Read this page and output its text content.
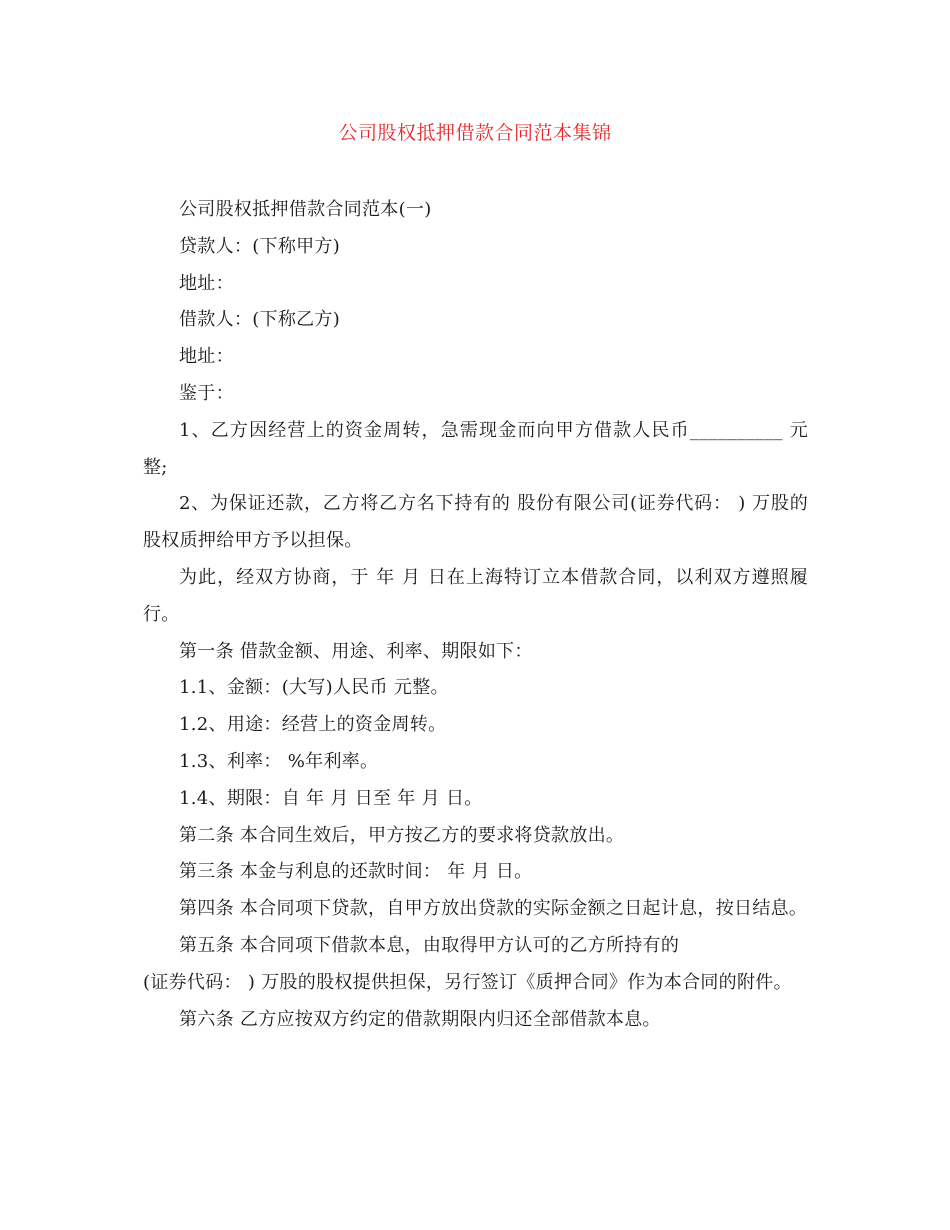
公司股权抵押借款合同范本集锦

公司股权抵押借款合同范本(一)

贷款人：(下称甲方)

地址：

借款人：(下称乙方)

地址：

鉴于：

1、乙方因经营上的资金周转，急需现金而向甲方借款人民币__________ 元整;

2、为保证还款，乙方将乙方名下持有的 股份有限公司(证券代码： ) 万股的股权质押给甲方予以担保。

为此，经双方协商，于 年 月 日在上海特订立本借款合同，以利双方遵照履行。

第一条 借款金额、用途、利率、期限如下：

1.1、金额：(大写)人民币 元整。

1.2、用途：经营上的资金周转。

1.3、利率： %年利率。

1.4、期限：自 年 月 日至 年 月 日。

第二条 本合同生效后，甲方按乙方的要求将贷款放出。

第三条 本金与利息的还款时间： 年 月 日。

第四条 本合同项下贷款，自甲方放出贷款的实际金额之日起计息，按日结息。

第五条 本合同项下借款本息，由取得甲方认可的乙方所持有的

(证券代码： ) 万股的股权提供担保，另行签订《质押合同》作为本合同的附件。

第六条 乙方应按双方约定的借款期限内归还全部借款本息。
